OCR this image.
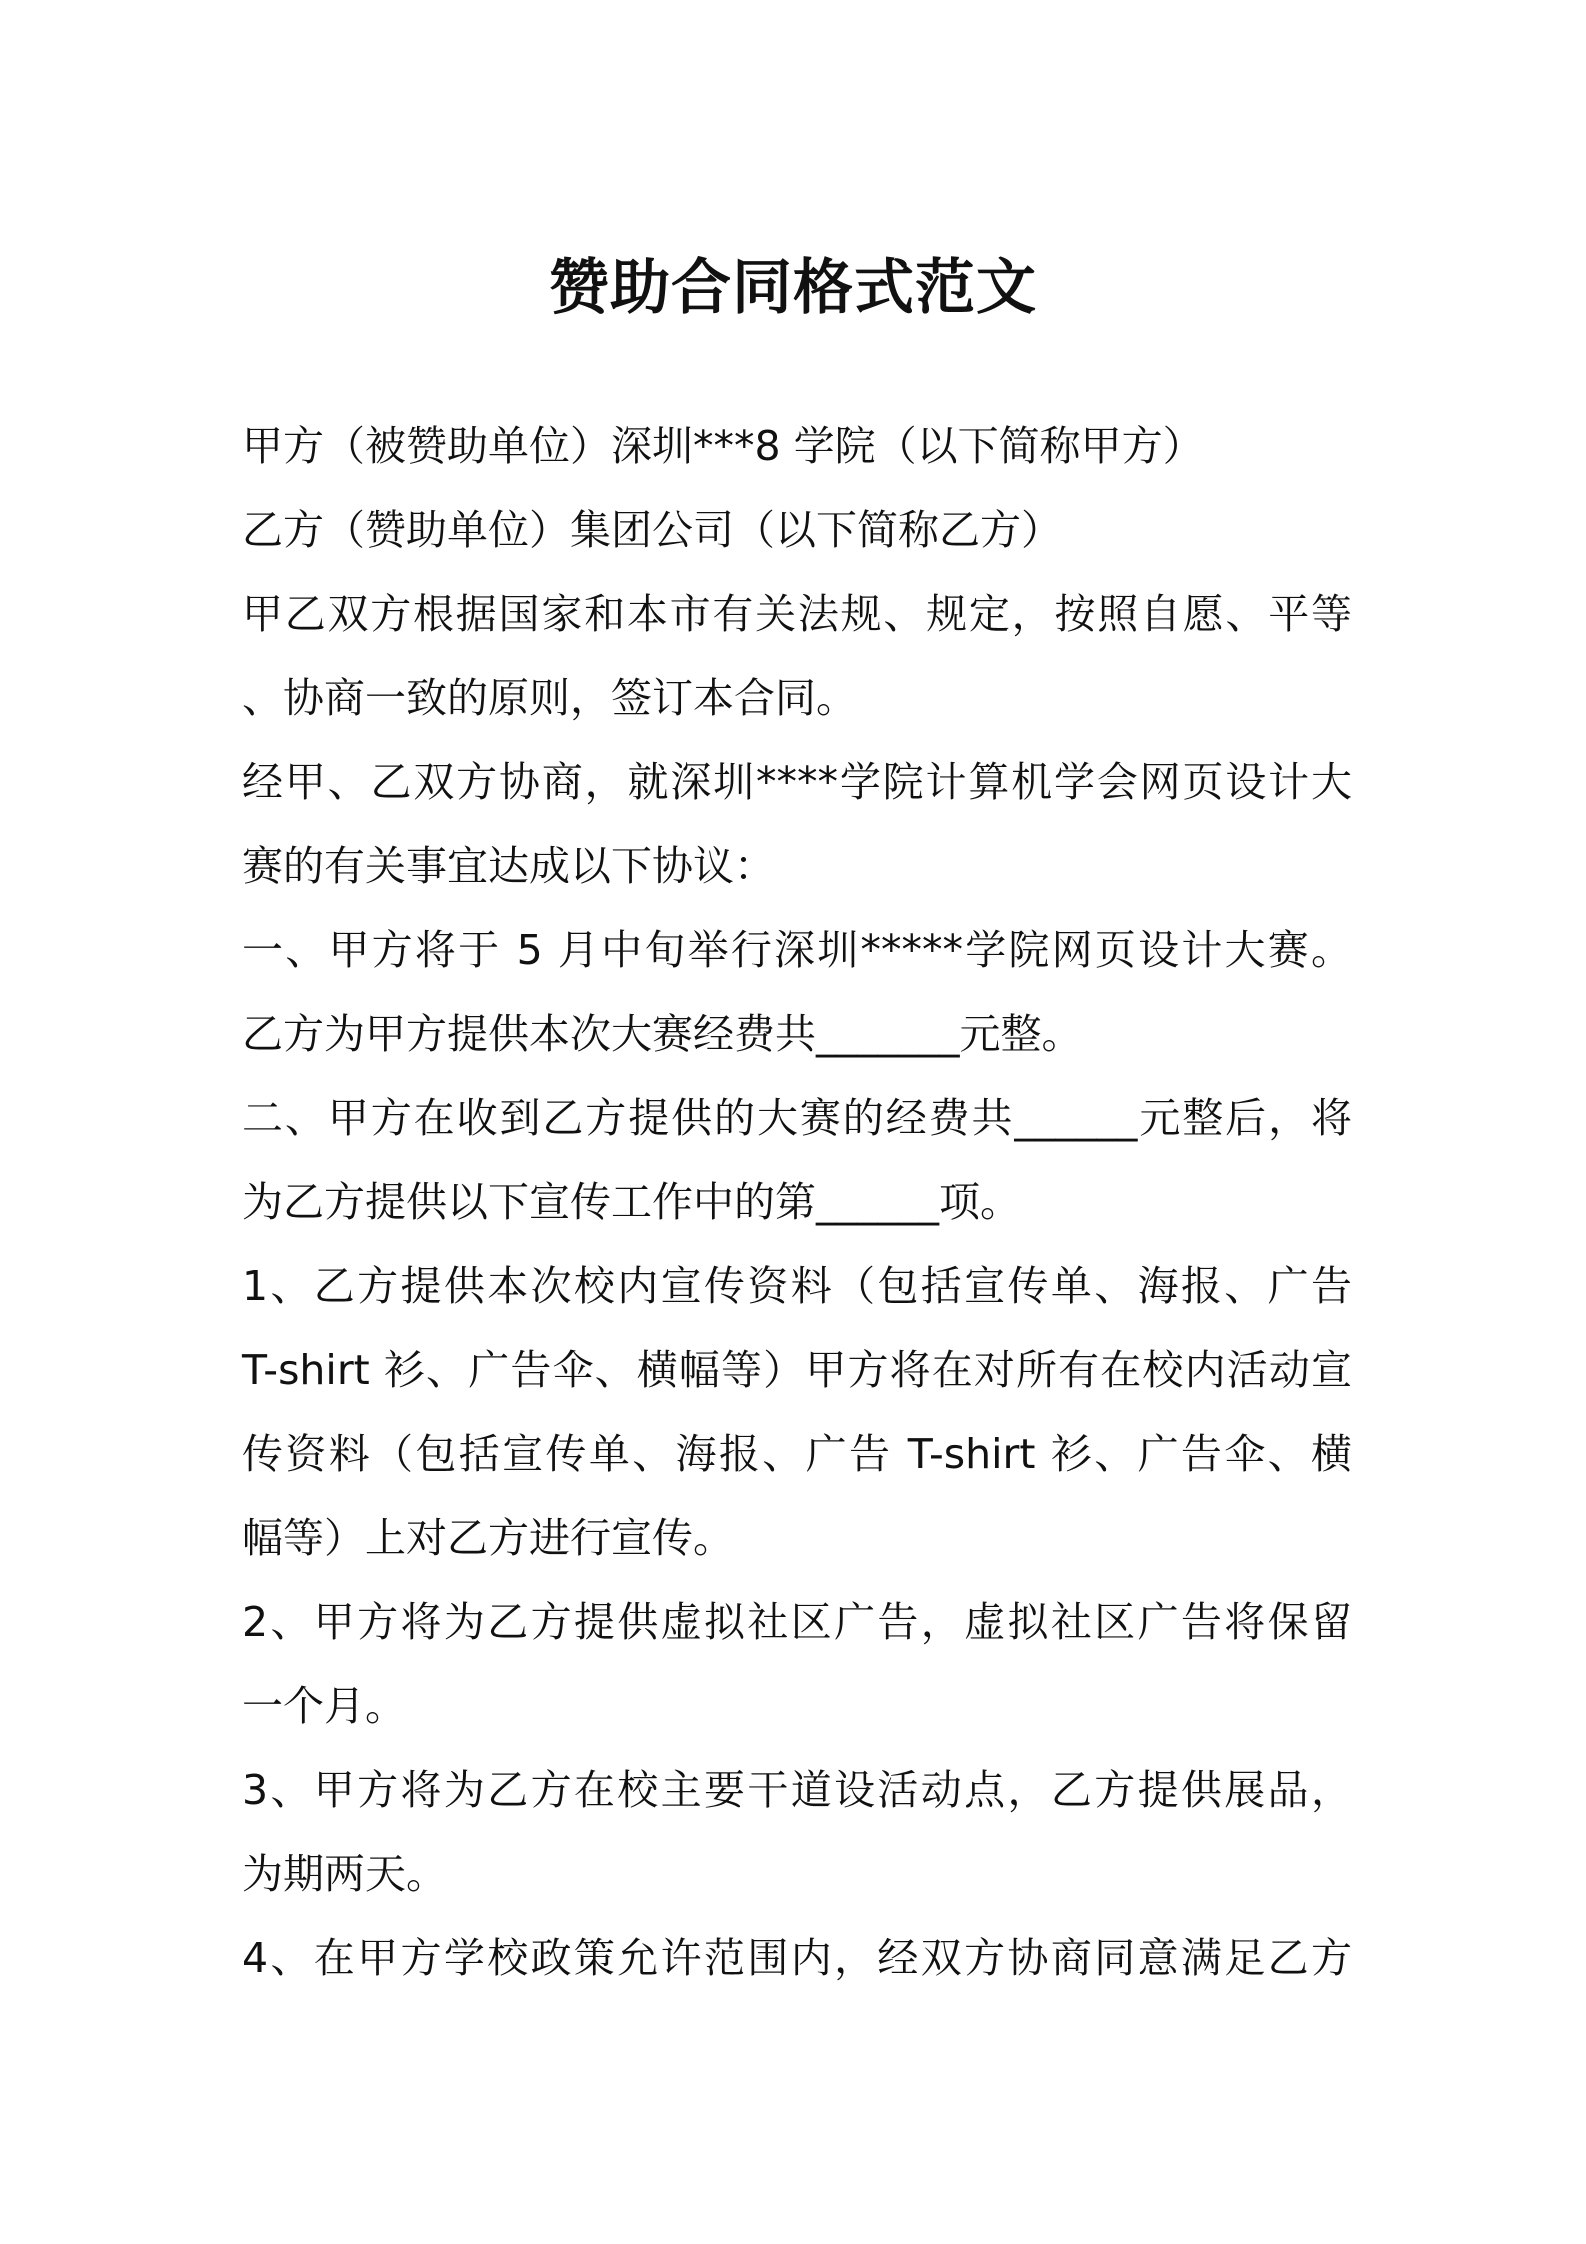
赞助合同格式范文
甲方（被赞助单位）深圳***8 学院（以下简称甲方）
乙方（赞助单位）集团公司（以下简称乙方）
甲乙双方根据国家和本市有关法规、规定，按照自愿、平等
、协商一致的原则，签订本合同。
经甲、乙双方协商，就深圳****学院计算机学会网页设计大
赛的有关事宜达成以下协议：
一、甲方将于 5 月中旬举行深圳*****学院网页设计大赛。
乙方为甲方提供本次大赛经费共_______元整。
二、甲方在收到乙方提供的大赛的经费共______元整后，将
为乙方提供以下宣传工作中的第______项。
1、乙方提供本次校内宣传资料（包括宣传单、海报、广告
T-shirt 衫、广告伞、横幅等）甲方将在对所有在校内活动宣
传资料（包括宣传单、海报、广告 T-shirt 衫、广告伞、横
幅等）上对乙方进行宣传。
2、甲方将为乙方提供虚拟社区广告，虚拟社区广告将保留
一个月。
3、甲方将为乙方在校主要干道设活动点，乙方提供展品，
为期两天。
4、在甲方学校政策允许范围内，经双方协商同意满足乙方
